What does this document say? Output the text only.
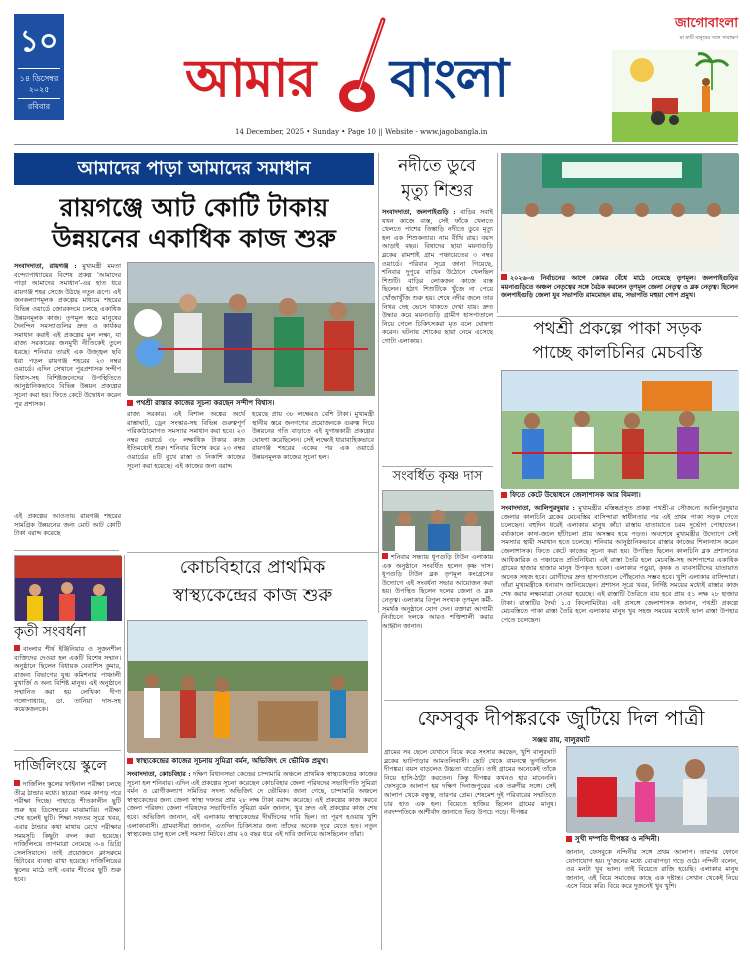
১০
১৪ ডিসেম্বর ২০২৫
রবিবার	আমার বাংলা
14 December, 2025 • Sunday • Page 10 || Website - www.jagobangla.in
জাগোবাংলা
মা মাটি মানুষের সঙ্গে সারাক্ষণ
আমাদের পাড়া আমাদের সমাধান
রায়গঞ্জে আট কোটি টাকায়
উন্নয়নের একাধিক কাজ শুরু
সংবাদদাতা, রায়গঞ্জ : মুখ্যমন্ত্রী মমতা বন্দ্যোপাধ্যায়ের বিশেষ প্রকল্প 'আমাদের পাড়া আমাদের সমাধান'-এর হাত ধরে রায়গঞ্জ শহর সেজে উঠছে নতুন রূপে। এই জনকল্যাণমূলক প্রকল্পের মাধ্যমে শহরের বিভিন্ন ওয়ার্ডে জোরকদমে চলছে একাধিক উন্নয়নমূলক কাজ। তৃণমূল স্তরে মানুষের দৈনন্দিন সমস্যাগুলির দ্রুত ও কার্যকর সমাধান করাই এই প্রকল্পের মূল লক্ষ্য, যা রাজ্য সরকারের জনমুখী নীতিকেই তুলে ধরছে। শনিবার তারই এক উজ্জ্বল ছবি ধরা পড়ল রায়গঞ্জ শহরের ২৩ নম্বর ওয়ার্ডে। এদিন সেখানে পুরপ্রশাসক সন্দীপ বিশ্বাস-সহ বিশিষ্টজনেদের উপস্থিতিতে আনুষ্ঠানিকভাবে বিভিন্ন উন্নয়ন প্রকল্পের সূচনা করা হয়। ফিতে কেটে উদ্বোধন করেন পুর প্রশাসক।	পথশ্রী রাস্তার কাজের সূচনা করছেন সন্দীপ বিশ্বাস।
রাজ্য সরকার। এই বিশাল অঙ্কের অর্থে রাস্তাঘাট, ড্রেন সংস্কার-সহ বিভিন্ন গুরুত্বপূর্ণ পরিকাঠামোগত সমস্যার সমাধান করা হবে। ২৩ নম্বর ওয়ার্ডে ৩৮ লক্ষাধিক টাকার কাজ ইতিমধ্যেই শুরু। শনিবার বিশেষ করে ২৩ নম্বর ওয়ার্ডের ৪টি বুথে রাস্তা ও নিকাশি কাজের সূচনা করা হয়েছে। এই কাজের জন্য বরাদ্দ
হয়েছে প্রায় ৩৮ লক্ষেরও বেশি টাকা। মুখ্যমন্ত্রী স্থানীয় স্তরে জনগণের প্রয়োজনকে গুরুত্ব দিয়ে উন্নয়নের গতি বাড়াতে এই যুগান্তকারী প্রকল্পের ঘোষণা করেছিলেন। সেই লক্ষ্যেই ধারাবাহিকভাবে রায়গঞ্জ শহরের একের পর এক ওয়ার্ডে উন্নয়নমূলক কাজের সূচনা হল।
এই প্রকল্পের আওতায় রায়গঞ্জ শহরের সামগ্রিক উন্নয়নের জন্য মোট আট কোটি টাকা বরাদ্দ করেছে
নদীতে ডুবে
মৃত্যু শিশুর
সংবাদদাতা, জলপাইগুড়ি : বাড়ির সবাই যখন কাজে ব্যস্ত, সেই ফাঁকে খেলতে খেলতে পাশের তিস্তাড়ি নদীতে ডুবে মৃত্যু হল এক শিশুকন্যার। নাম বীথি রায়। বয়স আড়াই বছর। বিষাদের ছায়া ময়নাগুড়ি ব্লকের রামশাই গ্রাম পঞ্চায়েতের ৩ নম্বর ওয়ার্ডে। পরিবার সূত্রে জানা গিয়েছে, শনিবার দুপুরে বাড়ির উঠোনে খেলছিল শিশুটি। বাড়ির লোকজন কাজে ব্যস্ত ছিলেন। হঠাৎ শিশুটিকে খুঁজে না পেয়ে খোঁজাখুঁজি শুরু হয়। শেষে নদীর জলে তার নিথর দেহ ভেসে থাকতে দেখা যায়। দ্রুত উদ্ধার করে ময়নাগুড়ি গ্রামীণ হাসপাতালে নিয়ে গেলে চিকিৎসকরা মৃত বলে ঘোষণা করেন। ঘটনায় শোকের ছায়া নেমে এসেছে গোটা এলাকায়।
সংবর্ধিত কৃষ্ণ দাস
শনিবার সন্ধ্যায় ধূপগুড়ি টাউন এলাকায় এক অনুষ্ঠানে সংবর্ধিত হলেন কৃষ্ণ দাস। ধূপগুড়ি টাউন ব্লক তৃণমূল কংগ্রেসের উদ্যোগে এই সংবর্ধনা সভার আয়োজন করা হয়। উপস্থিত ছিলেন দলের জেলা ও ব্লক নেতৃত্ব। এলাকার বিপুল সংখ্যক তৃণমূল কর্মী-সমর্থক অনুষ্ঠানে যোগ দেন। বক্তারা আগামী নির্বাচনে দলকে আরও শক্তিশালী করার আহ্বান জানান।
২০২৬-এ নির্বাচনের আগে কোমর বেঁধে মাঠে নেমেছে তৃণমূল। জলপাইগুড়ির ময়নাগুড়িতে অঞ্চল নেতৃত্বের সঙ্গে বৈঠক করলেন তৃণমূল জেলা নেতৃত্ব ও ব্লক নেতৃত্ব। ছিলেন জলপাইগুড়ি জেলা যুব সভাপতি রামমোহন রায়, সভাপতি মহুয়া গোপ প্রমুখ।
পথশ্রী প্রকল্পে পাকা সড়ক
পাচ্ছে কালচিনির মেচবস্তি
ফিতে কেটে উদ্বোধনে জেলাশাসক আর বিমলা।
সংবাদদাতা, আলিপুরদুয়ার : মুখ্যমন্ত্রীর মস্তিষ্কপ্রসূত প্রকল্প পথশ্রী-র সৌজন্যে আলিপুরদুয়ার জেলার কালচিনি ব্লকের মেচবস্তির বাসিন্দারা স্বাধীনতার পর এই প্রথম পাকা সড়ক পেতে চলেছেন। বহুদিন ধরেই এলাকার মানুষ কাঁচা রাস্তায় যাতায়াতে চরম দুর্ভোগ পোহাতেন। বর্ষাকালে কাদা-জলে হাঁটাচলা প্রায় অসম্ভব হয়ে পড়ত। অবশেষে মুখ্যমন্ত্রীর উদ্যোগে সেই সমস্যার স্থায়ী সমাধান হতে চলেছে। শনিবার আনুষ্ঠানিকভাবে রাস্তার কাজের শিলান্যাস করেন জেলাশাসক। ফিতে কেটে কাজের সূচনা করা হয়। উপস্থিত ছিলেন কালচিনি ব্লক প্রশাসনের আধিকারিক ও পঞ্চায়েত প্রতিনিধিরা। এই রাস্তা তৈরি হলে মেচবস্তি-সহ আশপাশের একাধিক গ্রামের হাজার হাজার মানুষ উপকৃত হবেন। এলাকার পড়ুয়া, কৃষক ও ব্যবসায়ীদের যাতায়াত অনেক সহজ হবে। রোগীদের দ্রুত হাসপাতালে পৌঁছনোও সম্ভব হবে। খুশি এলাকার বাসিন্দারা। তাঁরা মুখ্যমন্ত্রীকে ধন্যবাদ জানিয়েছেন। প্রশাসন সূত্রে খবর, নির্দিষ্ট সময়ের মধ্যেই রাস্তার কাজ শেষ করার লক্ষ্যমাত্রা নেওয়া হয়েছে। এই রাস্তাটি তৈরিতে ব্যয় হবে প্রায় ৫১ লক্ষ ২৮ হাজার টাকা। রাস্তাটির দৈর্ঘ্য ১.৫ কিলোমিটার। এই প্রসঙ্গে জেলাশাসক জানান, পথশ্রী প্রকল্পে মেচবস্তিতে পাকা রাস্তা তৈরি হলে এলাকার মানুষ খুব সহজ সময়ের মধ্যেই ভাল রাস্তা উপহার পেতে চলেছেন।
কৃতী সংবর্ধনা
বাংলার শীর্ষ ইঞ্জিনিয়ার ও সুজনশীল ব্যক্তিদের দেওয়া হল একটি বিশেষ সম্মান। অনুষ্ঠানে ছিলেন বিধায়ক বেবাশিস কুমার, রাজন্য বিভাগের যুগ্ম কমিশনার পাঞ্চালী মুখার্জি ও অন্য বিশিষ্ট মানুষ। এই অনুষ্ঠানে সম্মানিত করা হয় লেখিকা দীপা গঙ্গোপাধ্যায়, ডা. তানিয়া দাস-সহ কয়েকজনকে।
দার্জিলিংয়ে স্কুলে
দার্জিলিং স্কুলের ফাইনাল পরীক্ষা চলছে তীব্র ঠান্ডার মধ্যে। ছাত্ররা গরম কাপড় পরে পরীক্ষা দিচ্ছে। পাহাড়ে শীতকালীন ছুটি শুরু হয় ডিসেম্বরের মাঝামাঝি। পরীক্ষা শেষ হলেই ছুটি। শিক্ষা দফতর সূত্রে খবর, এবার ঠান্ডার কথা মাথায় রেখে পরীক্ষার সময়সূচি কিছুটা বদল করা হয়েছে। দার্জিলিংয়ে তাপমাত্রা নেমেছে ৩-৪ ডিগ্রি সেলসিয়াসে। তাই প্রয়োজনে ক্লাসরুমে হিটারের ব্যবস্থা রাখা হয়েছে। দার্জিলিঙের স্কুলের মাঠে তাই এবার শীতের ছুটি শুরু হবে।
কোচবিহারে প্রাথমিক
স্বাস্থ্যকেন্দ্রের কাজ শুরু
স্বাস্থ্যকেন্দ্রের কাজের সূচনায় সুমিত্রা বর্মন, অভিজিৎ দে ভৌমিক প্রমুখ।
সংবাদদাতা, কোচবিহার : দক্ষিণ বিধানসভা কেন্দ্রের চান্দামারি অঞ্চলে প্রাথমিক স্বাস্থ্যকেন্দ্রের কাজের সূচনা হল শনিবার। এদিন এই প্রকল্পের সূচনা করেছেন কোচবিহার জেলা পরিষদের সভাধিপতি সুমিত্রা বর্মন ও রোগীকল্যাণ সমিতির সদস্য অভিজিৎ দে ভৌমিক। জানা গেছে, চান্দামারি অঞ্চলে স্বাস্থ্যকেন্দ্রের জন্য জেলা স্বাস্থ্য দফতর প্রায় ২৮ লক্ষ টাকা বরাদ্দ করেছে। এই প্রকল্পের কাজ করবে জেলা পরিষদ। জেলা পরিষদের সভাধিপতি সুমিত্রা বর্মন জানান, খুব দ্রুত এই প্রকল্পের কাজ শেষ হবে। অভিজিৎ জানান, এই এলাকায় স্বাস্থ্যকেন্দ্রের দীর্ঘদিনের দাবি ছিল। তা পূরণ হওয়ায় খুশি এলাকাবাসী। গ্রামবাসীরা জানান, এতদিন চিকিৎসার জন্য তাঁদের অনেক দূরে যেতে হত। নতুন স্বাস্থ্যকেন্দ্র চালু হলে সেই সমস্যা মিটবে। প্রায় ২৫ বছর ধরে এই দাবি জানিয়ে আসছিলেন তাঁরা।
ফেসবুক দীপঙ্করকে জুটিয়ে দিল পাত্রী
সঞ্জয় রায়, বালুরঘাট
গ্রামের সব ছেলে যেখানে বিয়ে করে সংসার করছেন, খুশি বালুরঘাট ব্লকের ভাটপাড়ার আমতলিবাসী। ছোট থেকে বামনত্বে ভুগছিলেন দীপঙ্কর। বয়স বাড়লেও উচ্চতা বাড়েনি। তাই গ্রামের অনেকেই তাঁকে নিয়ে হাসি-ঠাট্টা করতেন। কিন্তু দীপঙ্কর কখনও হার মানেননি। ফেসবুকে আলাপ হয় দক্ষিণ দিনাজপুরের এক তরুণীর সঙ্গে। সেই আলাপ থেকে বন্ধুত্ব, তারপর প্রেম। শেষমেশ দুই পরিবারের সম্মতিতে চার হাত এক হল। বিয়েতে হাজির ছিলেন গ্রামের মানুষ। নবদম্পতিকে আশীর্বাদ জানাতে ভিড় উপচে পড়ে। দীপঙ্কর
সুখী দম্পতি দীপঙ্কর ও নন্দিনী।
জানান, ফেসবুকে নন্দিনীর সঙ্গে প্রথম আলাপ। তারপর ফোনে যোগাযোগ হয়। দু'জনের মধ্যে বোঝাপড়া গড়ে ওঠে। নন্দিনী বলেন, ওর মনটা খুব ভাল। তাই বিয়েতে রাজি হয়েছি। এলাকার মানুষ জানান, এই বিয়ে সমাজের কাছে এক দৃষ্টান্ত। সেখান থেকেই নিয়ে এসে বিয়ে করি। বিয়ে করে দুজনেই খুব খুশি।
